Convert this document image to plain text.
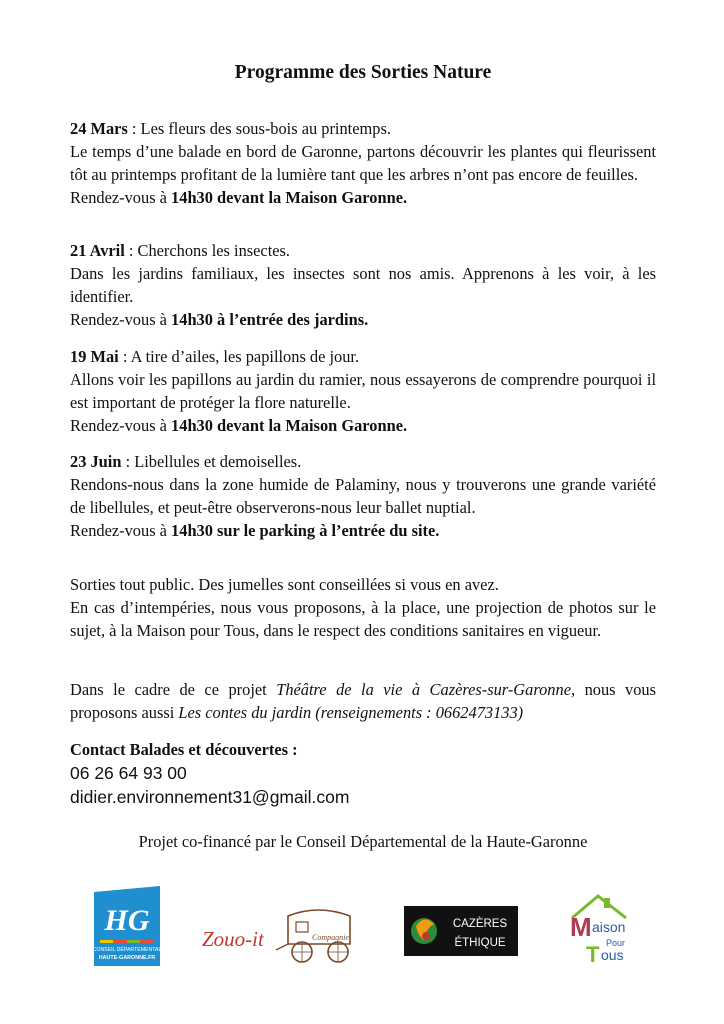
Programme des Sorties Nature

24 Mars : Les fleurs des sous-bois au printemps.

Le temps d’une balade en bord de Garonne, partons découvrir les plantes qui fleurissent tôt au printemps profitant de la lumière tant que les arbres n’ont pas encore de feuilles.

Rendez-vous à 14h30 devant la Maison Garonne.

21 Avril : Cherchons les insectes.

Dans les jardins familiaux, les insectes sont nos amis. Apprenons à les voir, à les identifier.

Rendez-vous à 14h30 à l’entrée des jardins.

19 Mai : A tire d’ailes, les papillons de jour.

Allons voir les papillons au jardin du ramier, nous essayerons de comprendre pourquoi il est important de protéger la flore naturelle.

Rendez-vous à 14h30 devant la Maison Garonne.

23 Juin : Libellules et demoiselles.

Rendons-nous dans la zone humide de Palaminy, nous y trouverons une grande variété de libellules, et peut-être observerons-nous leur ballet nuptial.

Rendez-vous à 14h30 sur le parking à l’entrée du site.

Sorties tout public. Des jumelles sont conseillées si vous en avez.

En cas d’intempéries, nous vous proposons, à la place, une projection de photos sur le sujet, à la Maison pour Tous, dans le respect des conditions sanitaires en vigueur.

Dans le cadre de ce projet Théâtre de la vie à Cazères-sur-Garonne, nous vous proposons aussi Les contes du jardin (renseignements : 0662473133)

Contact Balades et découvertes :

06 26 64 93 00

didier.environnement31@gmail.com

Projet co-financé par le Conseil Départemental de la Haute-Garonne
HG
CONSEIL DÉPARTEMENTAL
HAUTE-GARONNE.FR
Zouo-it	Compagnie
CAZÈRES
ÉTHIQUE
M aison
Pour
T ous
